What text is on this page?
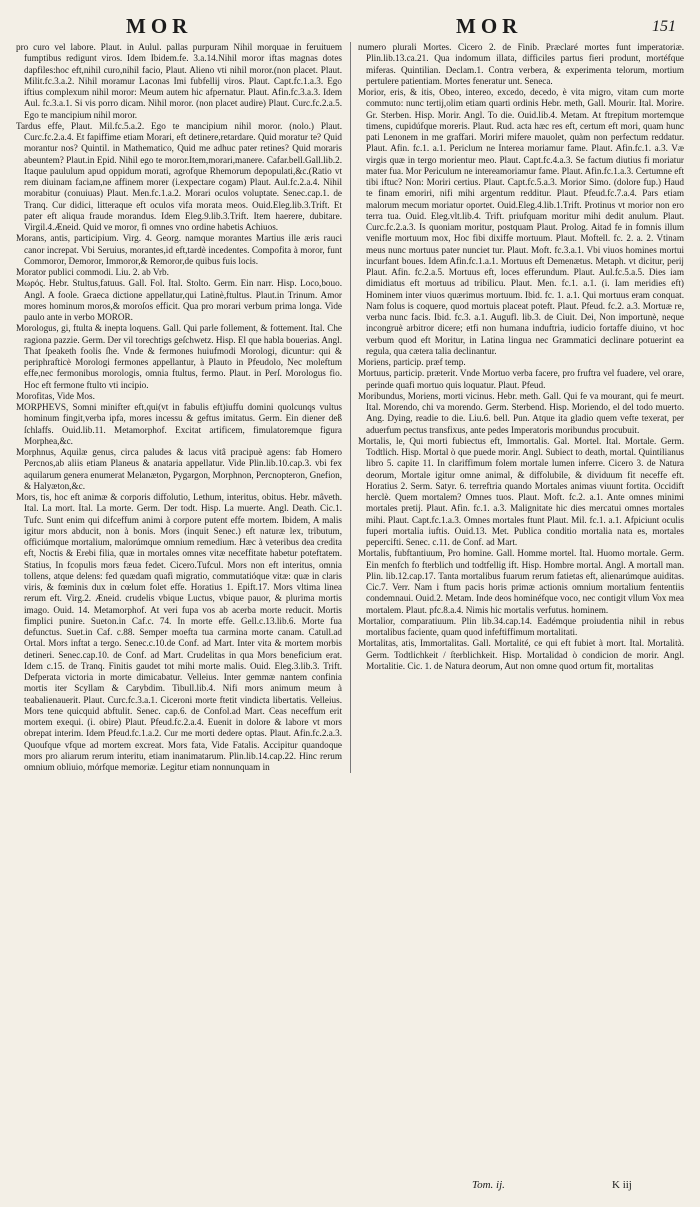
MOR	MOR	151

pro curo vel labore. Plaut. in Aulul. pallas purpuram Nihil morquae in feruituem fumptibus redigunt viros. Idem Ibidem.fe. 3.a.14.Nihil moror iftas magnas dotes dapfiles:hoc eft,nihil curo,nihil facio, Plaut. Alieno vti nihil moror.(non placet. Plaut. Milit.fc.3.a.2. Nihil moramur Laconas Imi fubfellij viros. Plaut. Capt.fc.1.a.3. Ego iftius complexum nihil moror: Meum autem hic afpernatur. Plaut. Afin.fc.3.a.3. Idem Aul. fc.3.a.1. Si vis porro dicam. Nihil moror. (non placet audire) Plaut. Curc.fc.2.a.5. Ego te mancipium nihil moror.

Tardus effe, Plaut. Mil.fc.5.a.2. Ego te mancipium nihil moror. (nolo.) Plaut. Curc.fc.2.a.4. Et fapiffime etiam Morari, eft detinere,retardare. Quid moratur te? Quid morantur nos? Quintil. in Mathematico, Quid me adhuc pater retines? Quid moraris abeuntem? Plaut.in Epid. Nihil ego te moror.Item,morari,manere. Cafar.bell.Gall.lib.2. Itaque paululum apud oppidum morati, agrofque Rhemorum depopulati,&c.(Ratio vt rem diuinam faciam,ne affinem morer (i.expectare cogam) Plaut. Aul.fc.2.a.4. Nihil morabitur (conuiuas) Plaut. Men.fc.1.a.2. Morari oculos voluptate. Senec.cap.1. de Tranq. Cur didici, litteraque eft oculos vifa morata meos. Ouid.Eleg.lib.3.Trift. Et pater eft aliqua fraude morandus. Idem Eleg.9.lib.3.Trift. Item haerere, dubitare. Virgil.4.Æneid. Quid ve moror, fi omnes vno ordine habetis Achiuos.

Morans, antis, participium. Virg. 4. Georg. namque morantes Martius ille æris rauci canor increpat. Vbi Seruius, morantes,id eft,tardè incedentes. Compofita à moror, funt Commoror, Demoror, Immoror,& Remoror,de quibus fuis locis.

Morator publici commodi. Liu. 2. ab Vrb.

Mωρός. Hebr. Stultus,fatuus. Gall. Fol. Ital. Stolto. Germ. Ein narr. Hisp. Loco,bouo. Angl. A foole. Graeca dictione appellatur,qui Latinè,ftultus. Plaut.in Trinum. Amor mores hominum moros,& moroſos efficit. Qua pro morari verbum prima longa. Vide paulo ante in verbo MOROR.

Morologus, gi, ftulta & inepta loquens. Gall. Qui parle follement, & fottement. Ital. Che ragiona pazzie. Germ. Der vil torechtigs geſchwetz. Hisp. El que habla bouerias. Angl. That ſpeaketh foolis ſhe. Vnde & fermones huiufmodi Morologi, dicuntur: qui & periphrafticè Morologi fermones appellantur, à Plauto in Pfeudolo, Nec moleftum effe,nec fermonibus morologis, omnia ftultus, fermo. Plaut. in Perſ. Morologus fio. Hoc eft fermone ftulto vti incipio.

Morofitas, Vide Mos.

MORPHEVS, Somni minifter eft,qui(vt in fabulis eft)iuffu domini quolcunqs vultus hominum fingit,verba ipfa, mores incessu & geftus imitatus. Germ. Ein diener deß ſchlaffs. Ouid.lib.11. Metamorphof. Excitat artificem, fimulatoremque figura Morphea,&c.

Morphnus, Aquilæ genus, circa paludes & lacus vitâ pracipuè agens: fab Homero Percnos,ab aliis etiam Planeus & anataria appellatur. Vide Plin.lib.10.cap.3. vbi fex aquilarum genera enumerat Melanæton, Pygargon, Morphnon, Percnopteron, Gnefion, & Halyæton,&c.

Mors, tis, hoc eft animæ & corporis diffolutio, Lethum, interitus, obitus. Hebr. mâveth. Ital. La mort. Ital. La morte. Germ. Der todt. Hisp. La muerte. Angl. Death. Cic.1. Tufc. Sunt enim qui difceffum animi à corpore putent effe mortem. Ibidem, A malis igitur mors abducit, non à bonis. Mors (inquit Senec.) eft naturæ lex, tributum, officiúmque mortalium, malorúmque omnium remedium. Hæc à veteribus dea credita eft, Noctis & Erebi filia, quæ in mortales omnes vitæ neceffitate habetur poteftatem. Statius, In fcopulis mors fæua fedet. Cicero.Tufcul. Mors non eft interitus, omnia tollens, atque delens: fed quædam quafi migratio, commutatióque vitæ: quæ in claris viris, & fœminis dux in cœlum folet effe. Horatius 1. Epift.17. Mors vltima linea rerum eft. Virg.2. Æneid. crudelis vbique Luctus, vbique pauor, & plurima mortis imago. Ouid. 14. Metamorphof. At veri fupa vos ab acerba morte reducit. Mortis fimplici punire. Sueton.in Caf.c. 74. In morte effe. Gell.c.13.lib.6. Morte fua defunctus. Suet.in Caf. c.88. Semper moefta tua carmina morte canam. Catull.ad Ortal. Mors inftat a tergo. Senec.c.10.de Conf. ad Mart. Inter vita & mortem morbis detineri. Senec.cap.10. de Conf. ad Mart. Crudelitas in qua Mors beneficium erat. Idem c.15. de Tranq. Finitis gaudet tot mihi morte malis. Ouid. Eleg.3.lib.3. Trift. Defperata victoria in morte dimicabatur. Velleius. Inter gemmæ nantem confinia mortis iter Scyllam & Carybdim. Tibull.lib.4. Nifi mors animum meum à teabalienauerit. Plaut. Curc.fc.3.a.1. Ciceroni morte ftetit vindicta libertatis. Velleius. Mors tene quicquid abftulit. Senec. cap.6. de Confol.ad Mart. Ceas neceffum erit mortem exequi. (i. obire) Plaut. Pfeud.fc.2.a.4. Euenit in dolore & labore vt mors obrepat interim. Idem Pfeud.fc.1.a.2. Cur me morti dedere optas. Plaut. Afin.fc.2.a.3. Quoufque vfque ad mortem excreat. Mors fata, Vide Fatalis. Accipitur quandoque mors pro aliarum rerum interitu, etiam inanimatarum. Plin.lib.14.cap.22. Hinc rerum omnium obliuio, mórfque memoriæ. Legitur etiam nonnunquam in

numero plurali Mortes. Cicero 2. de Finib. Præclaré mortes funt imperatoriæ. Plin.lib.13.ca.21. Qua indomum illata, difficiles partus fieri produnt, mortéfque miferas. Quintilian. Declam.1. Contra verbera, & experimenta telorum, mortium pertulere patientiam. Mortes feneratur unt. Seneca.

Morior, eris, & itis, Obeo, intereo, excedo, decedo, è vita migro, vitam cum morte commuto: nunc tertij,olim etiam quarti ordinis Hebr. meth, Gall. Mourir. Ital. Morire. Gr. Sterben. Hisp. Morir. Angl. To die. Ouid.lib.4. Metam. At ftrepitum mortemque timens, cupidúfque moreris. Plaut. Rud. acta hæc res eft, certum eft mori, quam hunc pati Lenonem in me graffari. Moriri mifere mauolet, quàm non perfectum reddatur. Plaut. Afin. fc.1. a.1. Periclum ne Interea moriamur fame. Plaut. Afin.fc.1. a.3. Væ virgis quæ in tergo morientur meo. Plaut. Capt.fc.4.a.3. Se factum diutius fi moriatur mater fua. Mor Periculum ne intereamoriamur fame. Plaut. Afin.fc.1.a.3. Certumne eft tibi iftuc? Non: Moriri certius. Plaut. Capt.fc.5.a.3. Morior Simo. (dolore fup.) Haud te finam emoriri, nifi mihi argentum redditur. Plaut. Pfeud.fc.7.a.4. Pars etiam malorum mecum moriatur oportet. Ouid.Eleg.4.lib.1.Trift. Protinus vt morior non ero terra tua. Ouid. Eleg.vlt.lib.4. Trift. priufquam moritur mihi dedit anulum. Plaut. Curc.fc.2.a.3. Is quoniam moritur, postquam Plaut. Prolog. Aitad fe in fomnis illum venifle mortuum mox, Hoc fibi dixiffe mortuum. Plaut. Moftell. fc. 2. a. 2. Vtinam meus nunc mortuus pater nunciet tur. Plaut. Moft. fc.3.a.1. Vbi viuos homines mortui incurfant boues. Idem Afin.fc.1.a.1. Mortuus eft Demenætus. Metaph. vt dicitur, perij Plaut. Afin. fc.2.a.5. Mortuus eft, loces efferundum. Plaut. Aul.fc.5.a.5. Dies iam dimidiatus eft mortuus ad tribilicu. Plaut. Men. fc.1. a.1. (i. Iam meridies eft) Hominem inter viuos quærimus mortuum. Ibid. fc. 1. a.1. Qui mortuus eram conquat. Nam folus is coquere, quod mortuis placeat poteft. Plaut. Pfeud. fc.2. a.3. Mortuæ re, verba nunc facis. Ibid. fc.3. a.1. Augufl. lib.3. de Ciuit. Dei, Non importunè, neque incongruè arbitror dicere; etfi non humana induftria, iudicio fortaffe diuino, vt hoc verbum quod eft Moritur, in Latina lingua nec Grammatici declinare potuerint ea regula, qua cætera talia declinantur.

Moriens, particip. præf temp.

Mortuus, particip. præterit. Vnde Mortuo verba facere, pro fruftra vel fuadere, vel orare, perinde quafi mortuo quis loquatur. Plaut. Pfeud.

Moribundus, Moriens, morti vicinus. Hebr. meth. Gall. Qui fe va mourant, qui fe meurt. Ital. Morendo, chi va morendo. Germ. Sterbend. Hisp. Moriendo, el del todo muerto. Ang. Dying, readie to die. Liu.6. bell. Pun. Atque ita gladio quem vefte texerat, per aduerfum pectus transfixus, ante pedes Imperatoris moribundus procubuit.

Mortalis, le, Qui morti fubiectus eft, Immortalis. Gal. Mortel. Ital. Mortale. Germ. Todtlich. Hisp. Mortal ò que puede morir. Angl. Subiect to death, mortal. Quintilianus libro 5. capite 11. In clariffimum folem mortale lumen inferre. Cicero 3. de Natura deorum, Mortale igitur omne animal, & diffolubile, & dividuum fit neceffe eft. Horatius 2. Serm. Satyr. 6. terreftria quando Mortales animas viuunt fortita. Occidift herclè. Quem mortalem? Omnes tuos. Plaut. Moft. fc.2. a.1. Ante omnes minimi mortales pretij. Plaut. Afin. fc.1. a.3. Malignitate hic dies mercatui omnes mortales mihi. Plaut. Capt.fc.1.a.3. Omnes mortales ftunt Plaut. Mil. fc.1. a.1. Afpiciunt oculis fuperi mortalia iuftis. Ouid.13. Met. Publica conditio mortalia nata es, mortales pepercifti. Senec. c.11. de Conf. ad Mart.

Mortalis, fubftantiuum, Pro homine. Gall. Homme mortel. Ital. Huomo mortale. Germ. Ein menfch fo fterblich und todtfellig ift. Hisp. Hombre mortal. Angl. A mortall man. Plin. lib.12.cap.17. Tanta mortalibus fuarum rerum fatietas eft, alienarúmque auiditas. Cic.7. Verr. Nam i ftum pacis horis primæ actionis omnium mortalium fententiis condemnaui. Ouid.2. Metam. Inde deos hominéfque voco, nec contigit vllum Vox mea mortalem. Plaut. pfc.8.a.4. Nimis hic mortalis verfutus. hominem.

Mortalior, comparatiuum. Plin lib.34.cap.14. Eadémque proiudentia nihil in rebus mortalibus faciente, quam quod infeftiffimum mortalitati.

Mortalitas, atis, Immortalitas. Gall. Mortalité, ce qui eft fubiet à mort. Ital. Mortalità. Germ. Todtlichkeit / ſterblichkeit. Hisp. Mortalidad ò condicion de morir. Angl. Mortalitie. Cic. 1. de Natura deorum, Aut non omne quod ortum fit, mortalitas

Tom. ij.	K iij
